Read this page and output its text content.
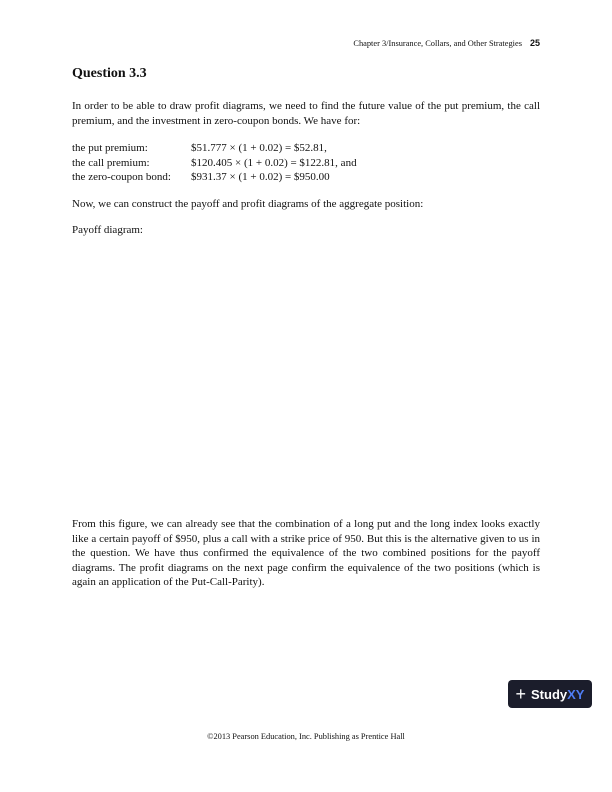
Chapter 3/Insurance, Collars, and Other Strategies 25
Question 3.3

In order to be able to draw profit diagrams, we need to find the future value of the put premium, the call premium, and the investment in zero-coupon bonds. We have for:

the put premium:	$51.777 × (1 + 0.02) = $52.81,
the call premium:	$120.405 × (1 + 0.02) = $122.81, and
the zero-coupon bond:	$931.37 × (1 + 0.02) = $950.00

Now, we can construct the payoff and profit diagrams of the aggregate position:

Payoff diagram:

From this figure, we can already see that the combination of a long put and the long index looks exactly like a certain payoff of $950, plus a call with a strike price of 950. But this is the alternative given to us in the question. We have thus confirmed the equivalence of the two combined positions for the payoff diagrams. The profit diagrams on the next page confirm the equivalence of the two positions (which is again an application of the Put-Call-Parity).

+ Study XY
©2013 Pearson Education, Inc. Publishing as Prentice Hall
